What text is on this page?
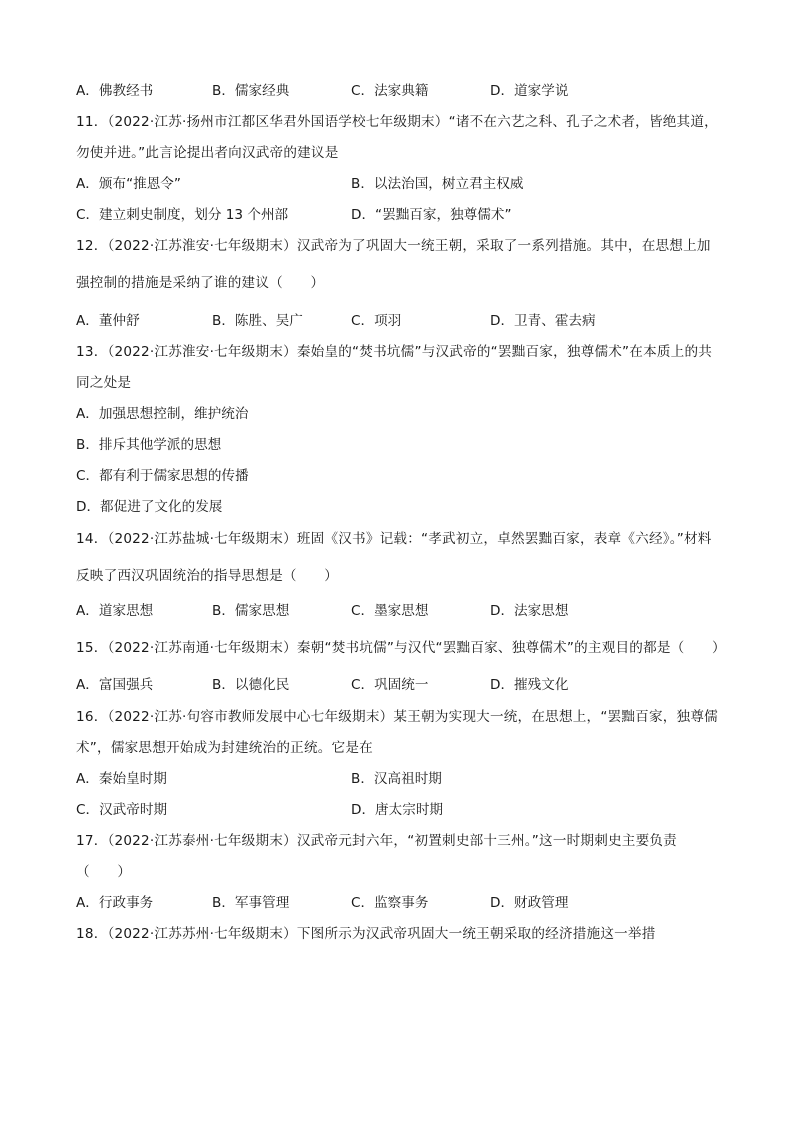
A．佛教经书	B．儒家经典	C．法家典籍	D．道家学说
11．（2022·江苏·扬州市江都区华君外国语学校七年级期末）“诸不在六艺之科、孔子之术者，皆绝其道，
勿使并进。”此言论提出者向汉武帝的建议是
A．颁布“推恩令”	B．以法治国，树立君主权威
C．建立刺史制度，划分 13 个州部	D．“罢黜百家，独尊儒术”
12．（2022·江苏淮安·七年级期末）汉武帝为了巩固大一统王朝，采取了一系列措施。其中，在思想上加
强控制的措施是采纳了谁的建议（　　）
A．董仲舒	B．陈胜、吴广	C．项羽	D．卫青、霍去病
13．（2022·江苏淮安·七年级期末）秦始皇的“焚书坑儒”与汉武帝的“罢黜百家，独尊儒术”在本质上的共
同之处是
A．加强思想控制，维护统治
B．排斥其他学派的思想
C．都有利于儒家思想的传播
D．都促进了文化的发展
14．（2022·江苏盐城·七年级期末）班固《汉书》记载：“孝武初立，卓然罢黜百家，表章《六经》。”材料
反映了西汉巩固统治的指导思想是（　　）
A．道家思想	B．儒家思想	C．墨家思想	D．法家思想
15．（2022·江苏南通·七年级期末）秦朝“焚书坑儒”与汉代“罢黜百家、独尊儒术”的主观目的都是（　　）
A．富国强兵	B．以德化民	C．巩固统一	D．摧残文化
16．（2022·江苏·句容市教师发展中心七年级期末）某王朝为实现大一统，在思想上，“罢黜百家，独尊儒
术”，儒家思想开始成为封建统治的正统。它是在
A．秦始皇时期	B．汉高祖时期
C．汉武帝时期	D．唐太宗时期
17．（2022·江苏泰州·七年级期末）汉武帝元封六年，“初置刺史部十三州。”这一时期刺史主要负责
（　　）
A．行政事务	B．军事管理	C．监察事务	D．财政管理
18．（2022·江苏苏州·七年级期末）下图所示为汉武帝巩固大一统王朝采取的经济措施这一举措
